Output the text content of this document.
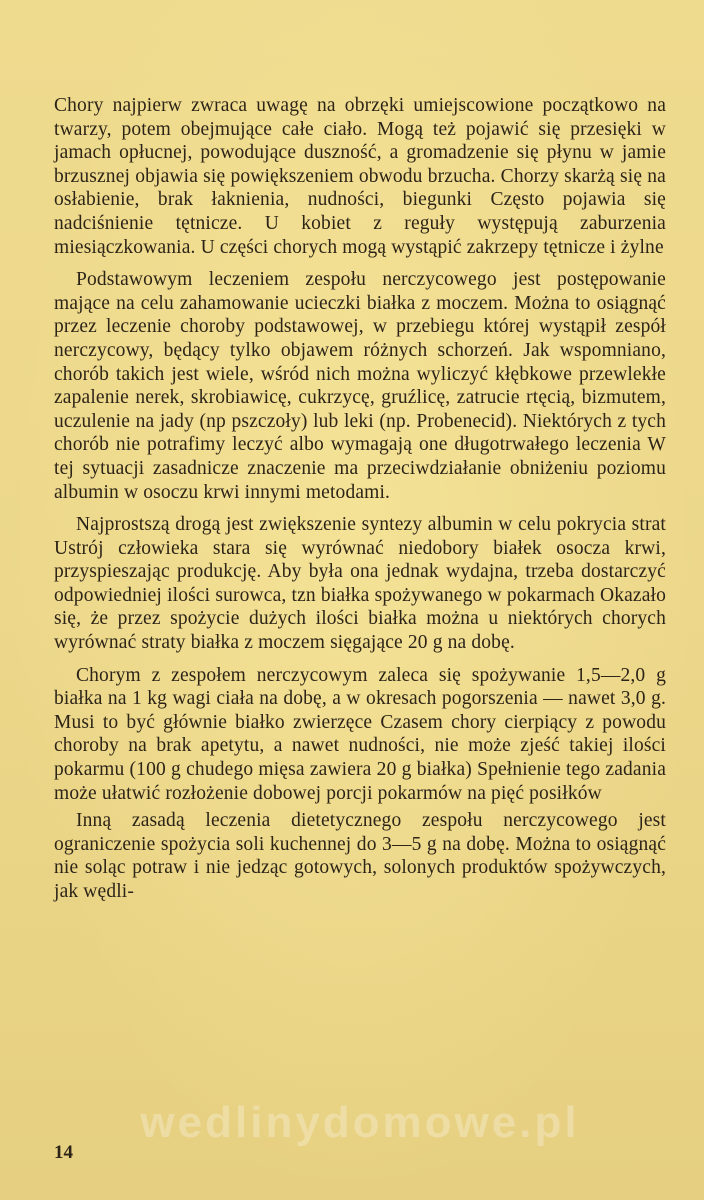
Chory najpierw zwraca uwagę na obrzęki umiejscowione początkowo na twarzy, potem obejmujące całe ciało. Mogą też pojawić się przesięki w jamach opłucnej, powodujące duszność, a gromadzenie się płynu w jamie brzusznej objawia się powiększeniem obwodu brzucha. Chorzy skarżą się na osłabienie, brak łaknienia, nudności, biegunki Często pojawia się nadciśnienie tętnicze. U kobiet z reguły występują zaburzenia miesiączkowania. U części chorych mogą wystąpić zakrzepy tętnicze i żylne

Podstawowym leczeniem zespołu nerczycowego jest postępowanie mające na celu zahamowanie ucieczki białka z moczem. Można to osiągnąć przez leczenie choroby podstawowej, w przebiegu której wystąpił zespół nerczycowy, będący tylko objawem różnych schorzeń. Jak wspomniano, chorób takich jest wiele, wśród nich można wyliczyć kłębkowe przewlekłe zapalenie nerek, skrobiawicę, cukrzycę, gruźlicę, zatrucie rtęcią, bizmutem, uczulenie na jady (np pszczoły) lub leki (np. Probenecid). Niektórych z tych chorób nie potrafimy leczyć albo wymagają one długotrwałego leczenia W tej sytuacji zasadnicze znaczenie ma przeciwdziałanie obniżeniu poziomu albumin w osoczu krwi innymi metodami.

Najprostszą drogą jest zwiększenie syntezy albumin w celu pokrycia strat Ustrój człowieka stara się wyrównać niedobory białek osocza krwi, przyspieszając produkcję. Aby była ona jednak wydajna, trzeba dostarczyć odpowiedniej ilości surowca, tzn białka spożywanego w pokarmach Okazało się, że przez spożycie dużych ilości białka można u niektórych chorych wyrównać straty białka z moczem sięgające 20 g na dobę.

Chorym z zespołem nerczycowym zaleca się spożywanie 1,5—2,0 g białka na 1 kg wagi ciała na dobę, a w okresach pogorszenia — nawet 3,0 g. Musi to być głównie białko zwierzęce Czasem chory cierpiący z powodu choroby na brak apetytu, a nawet nudności, nie może zjeść takiej ilości pokarmu (100 g chudego mięsa zawiera 20 g białka) Spełnienie tego zadania może ułatwić rozłożenie dobowej porcji pokarmów na pięć posiłków

Inną zasadą leczenia dietetycznego zespołu nerczycowego jest ograniczenie spożycia soli kuchennej do 3—5 g na dobę. Można to osiągnąć nie soląc potraw i nie jedząc gotowych, solonych produktów spożywczych, jak wędli-

wedlinydomowe.pl
14
